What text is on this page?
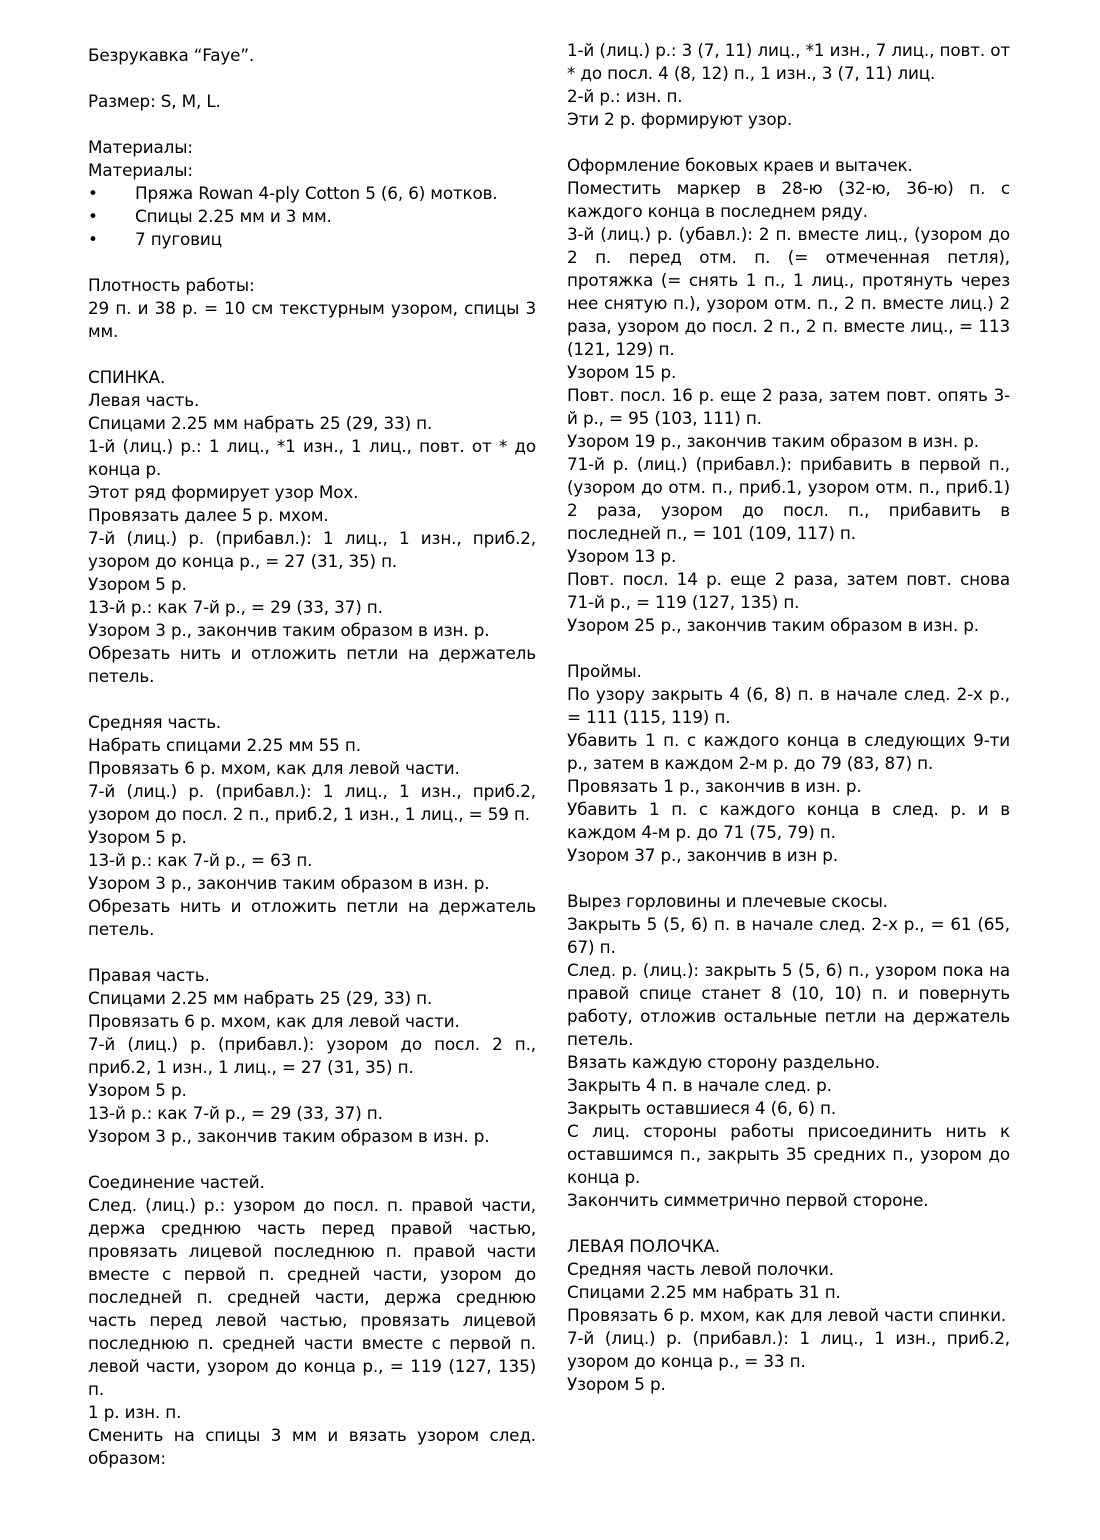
Безрукавка “Faye”.

Размер: S, M, L.

Материалы:

Материалы:

• Пряжа Rowan 4-ply Cotton 5 (6, 6) мотков.
• Спицы 2.25 мм и 3 мм.
• 7 пуговиц

Плотность работы:

29 п. и 38 р. = 10 см текстурным узором, спицы 3 мм.

СПИНКА.

Левая часть.

Спицами 2.25 мм набрать 25 (29, 33) п.

1-й (лиц.) р.: 1 лиц., *1 изн., 1 лиц., повт. от * до конца р.

Этот ряд формирует узор Мох.

Провязать далее 5 р. мхом.

7-й (лиц.) р. (прибавл.): 1 лиц., 1 изн., приб.2, узором до конца р., = 27 (31, 35) п.

Узором 5 р.

13-й р.: как 7-й р., = 29 (33, 37) п.

Узором 3 р., закончив таким образом в изн. р.

Обрезать нить и отложить петли на держатель петель.

Средняя часть.

Набрать спицами 2.25 мм 55 п.

Провязать 6 р. мхом, как для левой части.

7-й (лиц.) р. (прибавл.): 1 лиц., 1 изн., приб.2, узором до посл. 2 п., приб.2, 1 изн., 1 лиц., = 59 п.

Узором 5 р.

13-й р.: как 7-й р., = 63 п.

Узором 3 р., закончив таким образом в изн. р.

Обрезать нить и отложить петли на держатель петель.

Правая часть.

Спицами 2.25 мм набрать 25 (29, 33) п.

Провязать 6 р. мхом, как для левой части.

7-й (лиц.) р. (прибавл.): узором до посл. 2 п., приб.2, 1 изн., 1 лиц., = 27 (31, 35) п.

Узором 5 р.

13-й р.: как 7-й р., = 29 (33, 37) п.

Узором 3 р., закончив таким образом в изн. р.

Соединение частей.

След. (лиц.) р.: узором до посл. п. правой части, держа среднюю часть перед правой частью, провязать лицевой последнюю п. правой части вместе с первой п. средней части, узором до последней п. средней части, держа среднюю часть перед левой частью, провязать лицевой последнюю п. средней части вместе с первой п. левой части, узором до конца р., = 119 (127, 135) п.

1 р. изн. п.

Сменить на спицы 3 мм и вязать узором след. образом:

1-й (лиц.) р.: 3 (7, 11) лиц., *1 изн., 7 лиц., повт. от * до посл. 4 (8, 12) п., 1 изн., 3 (7, 11) лиц.

2-й р.: изн. п.

Эти 2 р. формируют узор.

Оформление боковых краев и вытачек.

Поместить маркер в 28-ю (32-ю, 36-ю) п. с каждого конца в последнем ряду.

3-й (лиц.) р. (убавл.): 2 п. вместе лиц., (узором до 2 п. перед отм. п. (= отмеченная петля), протяжка (= снять 1 п., 1 лиц., протянуть через нее снятую п.), узором отм. п., 2 п. вместе лиц.) 2 раза, узором до посл. 2 п., 2 п. вместе лиц., = 113 (121, 129) п.

Узором 15 р.

Повт. посл. 16 р. еще 2 раза, затем повт. опять 3-й р., = 95 (103, 111) п.

Узором 19 р., закончив таким образом в изн. р.

71-й р. (лиц.) (прибавл.): прибавить в первой п., (узором до отм. п., приб.1, узором отм. п., приб.1) 2 раза, узором до посл. п., прибавить в последней п., = 101 (109, 117) п.

Узором 13 р.

Повт. посл. 14 р. еще 2 раза, затем повт. снова 71-й р., = 119 (127, 135) п.

Узором 25 р., закончив таким образом в изн. р.

Проймы.

По узору закрыть 4 (6, 8) п. в начале след. 2-х р., = 111 (115, 119) п.

Убавить 1 п. с каждого конца в следующих 9-ти р., затем в каждом 2-м р. до 79 (83, 87) п.

Провязать 1 р., закончив в изн. р.

Убавить 1 п. с каждого конца в след. р. и в каждом 4-м р. до 71 (75, 79) п.

Узором 37 р., закончив в изн р.

Вырез горловины и плечевые скосы.

Закрыть 5 (5, 6) п. в начале след. 2-х р., = 61 (65, 67) п.

След. р. (лиц.): закрыть 5 (5, 6) п., узором пока на правой спице станет 8 (10, 10) п. и повернуть работу, отложив остальные петли на держатель петель.

Вязать каждую сторону раздельно.

Закрыть 4 п. в начале след. р.

Закрыть оставшиеся 4 (6, 6) п.

С лиц. стороны работы присоединить нить к оставшимся п., закрыть 35 средних п., узором до конца р.

Закончить симметрично первой стороне.

ЛЕВАЯ ПОЛОЧКА.

Средняя часть левой полочки.

Спицами 2.25 мм набрать 31 п.

Провязать 6 р. мхом, как для левой части спинки.

7-й (лиц.) р. (прибавл.): 1 лиц., 1 изн., приб.2, узором до конца р., = 33 п.

Узором 5 р.
